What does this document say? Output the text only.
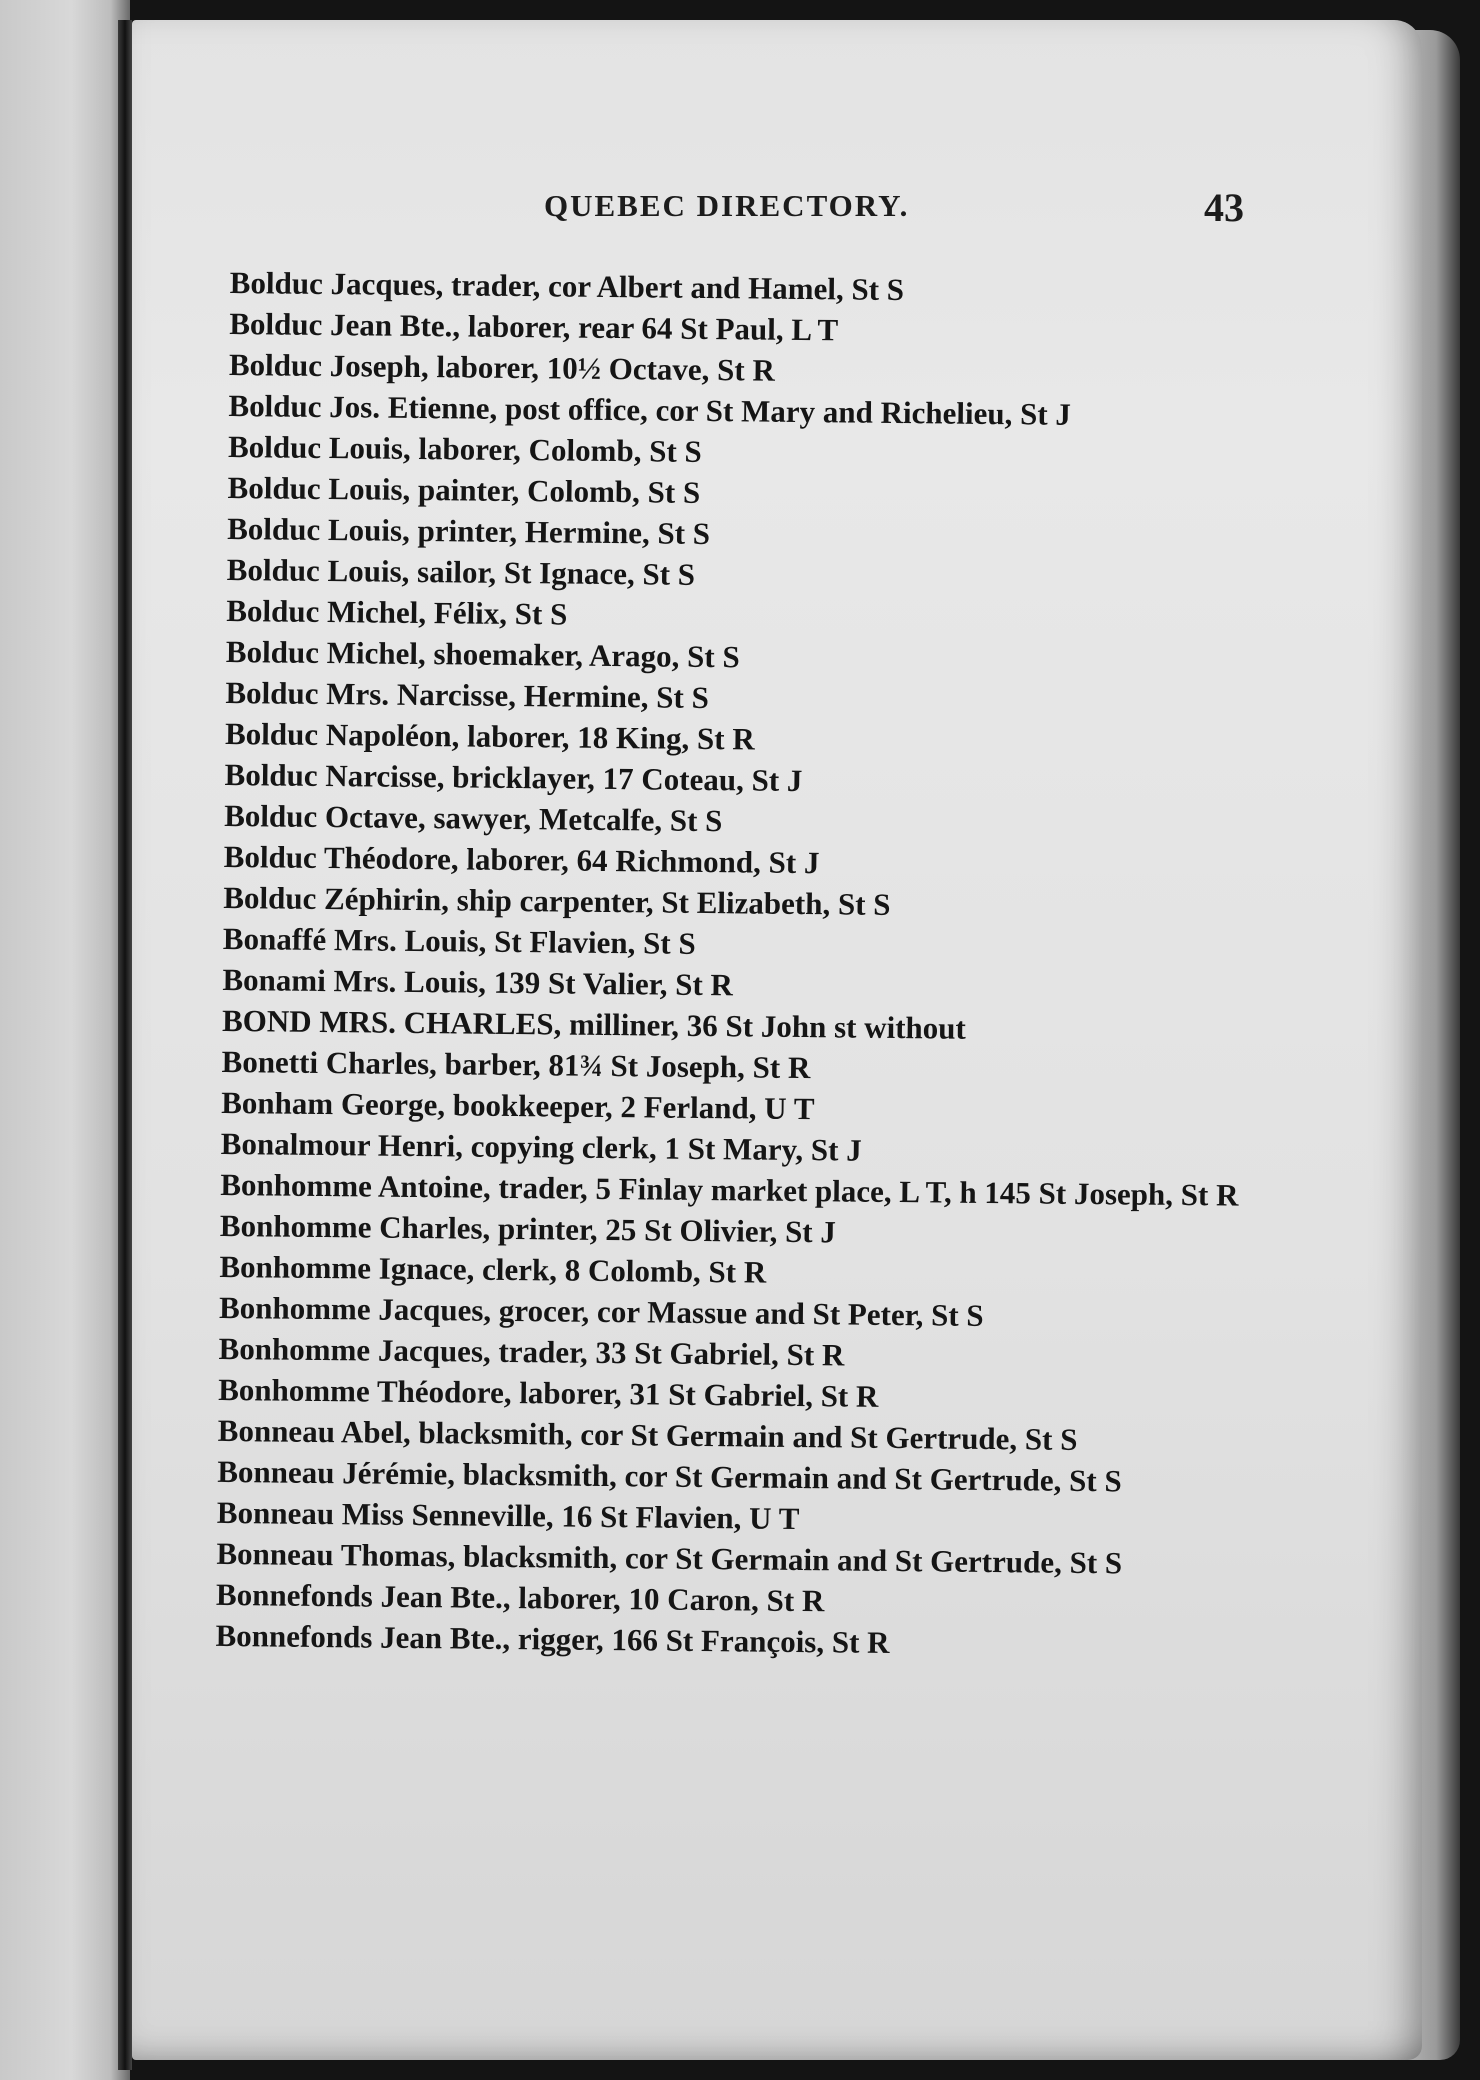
QUEBEC DIRECTORY.	43
Bolduc Jacques, trader, cor Albert and Hamel, St S
Bolduc Jean Bte., laborer, rear 64 St Paul, L T
Bolduc Joseph, laborer, 10½ Octave, St R
Bolduc Jos. Etienne, post office, cor St Mary and Richelieu, St J
Bolduc Louis, laborer, Colomb, St S
Bolduc Louis, painter, Colomb, St S
Bolduc Louis, printer, Hermine, St S
Bolduc Louis, sailor, St Ignace, St S
Bolduc Michel, Félix, St S
Bolduc Michel, shoemaker, Arago, St S
Bolduc Mrs. Narcisse, Hermine, St S
Bolduc Napoléon, laborer, 18 King, St R
Bolduc Narcisse, bricklayer, 17 Coteau, St J
Bolduc Octave, sawyer, Metcalfe, St S
Bolduc Théodore, laborer, 64 Richmond, St J
Bolduc Zéphirin, ship carpenter, St Elizabeth, St S
Bonaffé Mrs. Louis, St Flavien, St S
Bonami Mrs. Louis, 139 St Valier, St R
BOND MRS. CHARLES, milliner, 36 St John st without
Bonetti Charles, barber, 81¾ St Joseph, St R
Bonham George, bookkeeper, 2 Ferland, U T
Bonalmour Henri, copying clerk, 1 St Mary, St J
Bonhomme Antoine, trader, 5 Finlay market place, L T, h 145 St Joseph, St R
Bonhomme Charles, printer, 25 St Olivier, St J
Bonhomme Ignace, clerk, 8 Colomb, St R
Bonhomme Jacques, grocer, cor Massue and St Peter, St S
Bonhomme Jacques, trader, 33 St Gabriel, St R
Bonhomme Théodore, laborer, 31 St Gabriel, St R
Bonneau Abel, blacksmith, cor St Germain and St Gertrude, St S
Bonneau Jérémie, blacksmith, cor St Germain and St Gertrude, St S
Bonneau Miss Senneville, 16 St Flavien, U T
Bonneau Thomas, blacksmith, cor St Germain and St Gertrude, St S
Bonnefonds Jean Bte., laborer, 10 Caron, St R
Bonnefonds Jean Bte., rigger, 166 St François, St R
